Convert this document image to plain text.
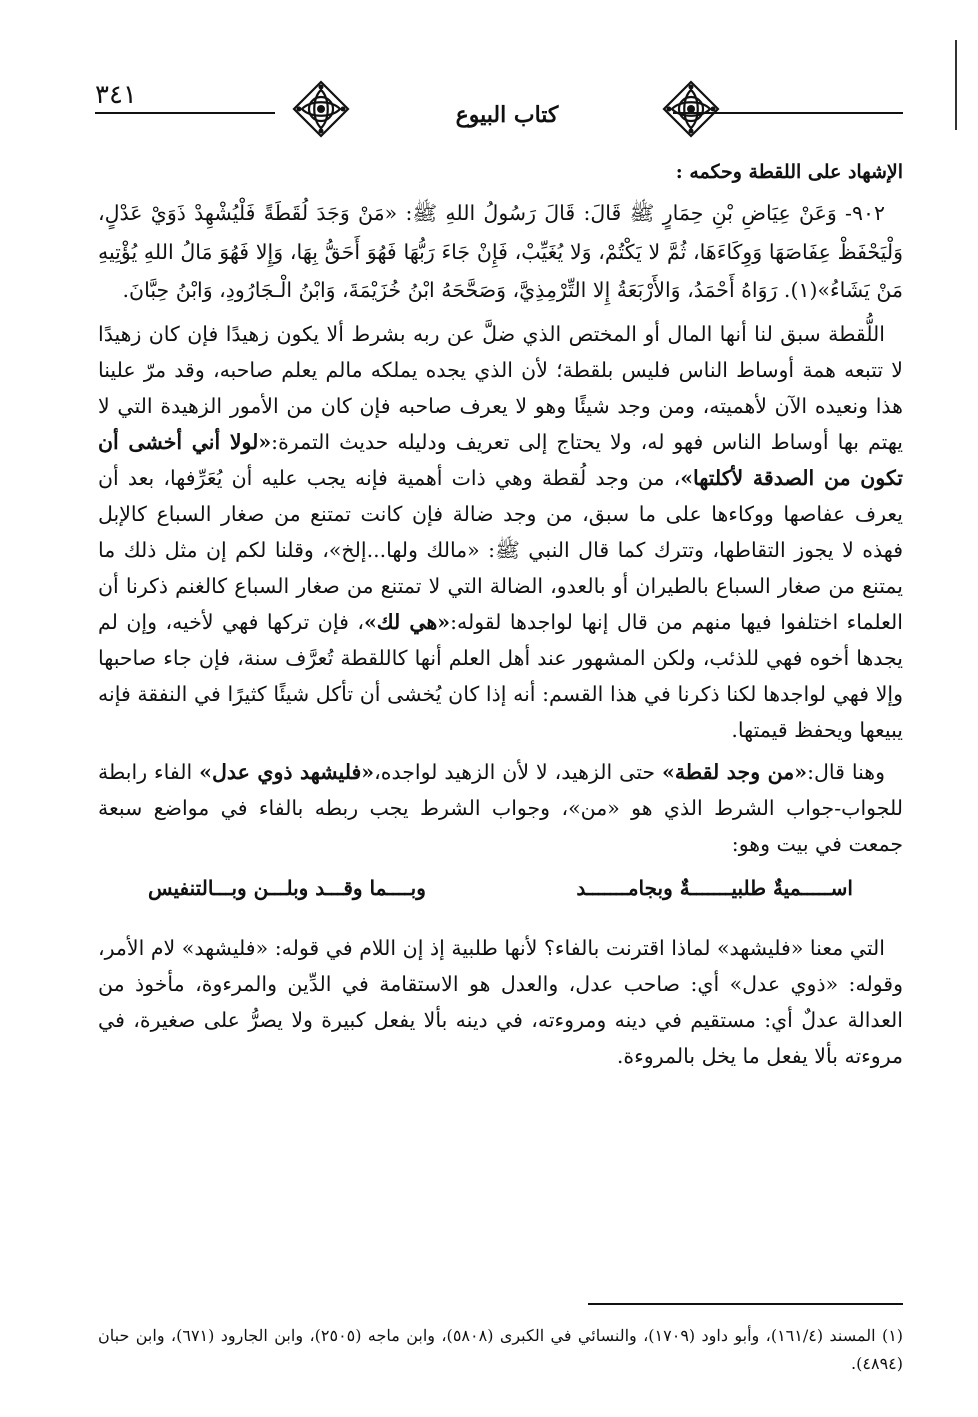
٣٤١
كتاب البيوع
الإشهاد على اللقطة وحكمه :

٩٠٢- وَعَنْ عِيَاضِ بْنِ حِمَارٍ ﷺ قَالَ: قَالَ رَسُولُ اللهِ ﷺ: «مَنْ وَجَدَ لُقَطَةً فَلْيُشْهِدْ ذَوَيْ عَدْلٍ، وَلْيَحْفَظْ عِفَاصَهَا وَوِكَاءَهَا، ثُمَّ لا يَكْتُمْ، وَلا يُغَيِّبْ، فَإِنْ جَاءَ رَبُّهَا فَهُوَ أَحَقُّ بِهَا، وَإِلا فَهُوَ مَالُ اللهِ يُؤْتِيهِ مَنْ يَشَاءُ»(١). رَوَاهُ أَحْمَدُ، وَالأَرْبَعَةُ إِلا التِّرْمِذِيَّ، وَصَحَّحَهُ ابْنُ خُزَيْمَةَ، وَابْنُ الْـجَارُودِ، وَابْنُ حِبَّانَ.

اللُّقطة سبق لنا أنها المال أو المختص الذي ضلَّ عن ربه بشرط ألا يكون زهيدًا فإن كان زهيدًا لا تتبعه همة أوساط الناس فليس بلقطة؛ لأن الذي يجده يملكه مالم يعلم صاحبه، وقد مرّ علينا هذا ونعيده الآن لأهميته، ومن وجد شيئًا وهو لا يعرف صاحبه فإن كان من الأمور الزهيدة التي لا يهتم بها أوساط الناس فهو له، ولا يحتاج إلى تعريف ودليله حديث التمرة:«لولا أني أخشى أن تكون من الصدقة لأكلتها»، من وجد لُقطة وهي ذات أهمية فإنه يجب عليه أن يُعَرِّفها، بعد أن يعرف عفاصها ووكاءها على ما سبق، من وجد ضالة فإن كانت تمتنع من صغار السباع كالإبل فهذه لا يجوز التقاطها، وتترك كما قال النبي ﷺ: «مالك ولها...إلخ»، وقلنا لكم إن مثل ذلك ما يمتنع من صغار السباع بالطيران أو بالعدو، الضالة التي لا تمتنع من صغار السباع كالغنم ذكرنا أن العلماء اختلفوا فيها منهم من قال إنها لواجدها لقوله:«هي لك»، فإن تركها فهي لأخيه، وإن لم يجدها أخوه فهي للذئب، ولكن المشهور عند أهل العلم أنها كاللقطة تُعرَّف سنة، فإن جاء صاحبها وإلا فهي لواجدها لكنا ذكرنا في هذا القسم: أنه إذا كان يُخشى أن تأكل شيئًا كثيرًا في النفقة فإنه يبيعها ويحفظ قيمتها.

وهنا قال:«من وجد لقطة» حتى الزهيد، لا لأن الزهيد لواجده،«فليشهد ذوي عدل» الفاء رابطة للجواب-جواب الشرط الذي هو «من»، وجواب الشرط يجب ربطه بالفاء في مواضع سبعة جمعت في بيت وهو:

اســـــميةٌ طلبيـــــــةٌ وبجامـــــــد
وبــــما وقـــد وبلـــن وبـــالتنفيس

التي معنا «فليشهد» لماذا اقترنت بالفاء؟ لأنها طلبية إذ إن اللام في قوله: «فليشهد» لام الأمر، وقوله: «ذوي عدل» أي: صاحب عدل، والعدل هو الاستقامة في الدِّين والمرءوة، مأخوذ من العدالة عدلٌ أي: مستقيم في دينه ومروءته، في دينه بألا يفعل كبيرة ولا يصرُّ على صغيرة، في مروءته بألا يفعل ما يخل بالمروءة.

(١) المسند (١٦١/٤)، وأبو داود (١٧٠٩)، والنسائي في الكبرى (٥٨٠٨)، وابن ماجه (٢٥٠٥)، وابن الجارود (٦٧١)، وابن حبان (٤٨٩٤).
